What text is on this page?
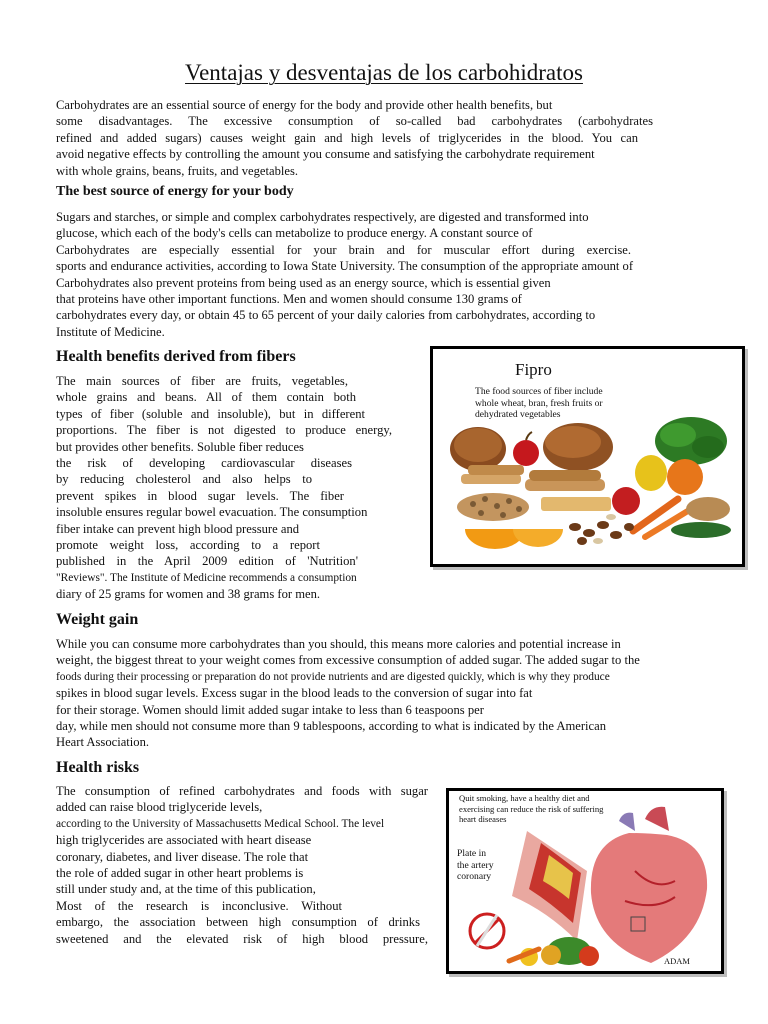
Ventajas y desventajas de los carbohidratos
Carbohydrates are an essential source of energy for the body and provide other health benefits, but
some disadvantages. The excessive consumption of so-called bad carbohydrates (carbohydrates
refined and added sugars) causes weight gain and high levels of triglycerides in the blood. You can
avoid negative effects by controlling the amount you consume and satisfying the carbohydrate requirement
with whole grains, beans, fruits, and vegetables.
The best source of energy for your body
Sugars and starches, or simple and complex carbohydrates respectively, are digested and transformed into
glucose, which each of the body's cells can metabolize to produce energy. A constant source of
Carbohydrates are especially essential for your brain and for muscular effort during exercise.
sports and endurance activities, according to Iowa State University. The consumption of the appropriate amount of
Carbohydrates also prevent proteins from being used as an energy source, which is essential given
that proteins have other important functions. Men and women should consume 130 grams of
carbohydrates every day, or obtain 45 to 65 percent of your daily calories from carbohydrates, according to
Institute of Medicine.
Health benefits derived from fibers
The main sources of fiber are fruits, vegetables,
whole grains and beans. All of them contain both
types of fiber (soluble and insoluble), but in different
proportions. The fiber is not digested to produce energy,
but provides other benefits. Soluble fiber reduces
the risk of developing cardiovascular diseases
by reducing cholesterol and also helps to
prevent spikes in blood sugar levels. The fiber
insoluble ensures regular bowel evacuation. The consumption
fiber intake can prevent high blood pressure and
promote weight loss, according to a report
published in the April 2009 edition of 'Nutrition'
"Reviews". The Institute of Medicine recommends a consumption
diary of 25 grams for women and 38 grams for men.
Fipro
The food sources of fiber include
whole wheat, bran, fresh fruits or
dehydrated vegetables
Weight gain
While you can consume more carbohydrates than you should, this means more calories and potential increase in
weight, the biggest threat to your weight comes from excessive consumption of added sugar. The added sugar to the
foods during their processing or preparation do not provide nutrients and are digested quickly, which is why they produce
spikes in blood sugar levels. Excess sugar in the blood leads to the conversion of sugar into fat
for their storage. Women should limit added sugar intake to less than 6 teaspoons per
day, while men should not consume more than 9 tablespoons, according to what is indicated by the American
Heart Association.
Health risks
The consumption of refined carbohydrates and foods with sugar
added can raise blood triglyceride levels,
according to the University of Massachusetts Medical School. The level
high triglycerides are associated with heart disease
coronary, diabetes, and liver disease. The role that
the role of added sugar in other heart problems is
still under study and, at the time of this publication,
Most of the research is inconclusive. Without
embargo, the association between high consumption of drinks
sweetened and the elevated risk of high blood pressure,
Quit smoking, have a healthy diet and
exercising can reduce the risk of suffering
heart diseases
Plate in
the artery
coronary
ADAM
